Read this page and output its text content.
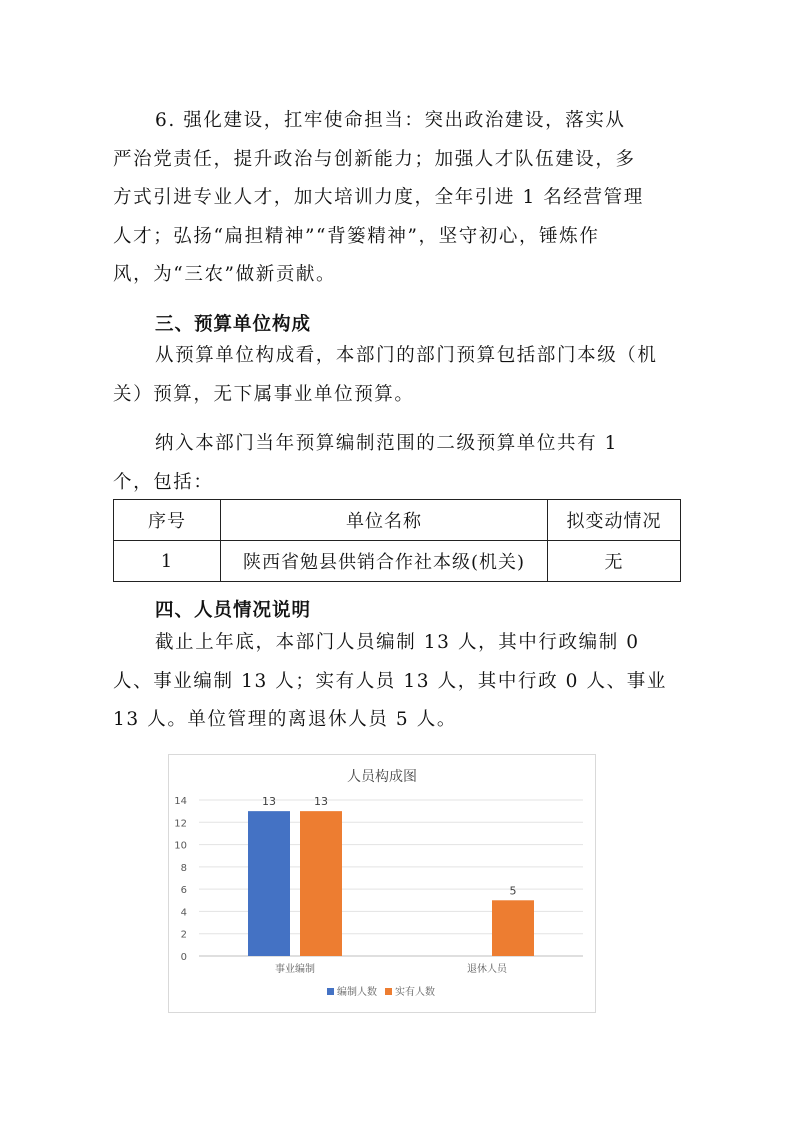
6. 强化建设，扛牢使命担当：突出政治建设，落实从
严治党责任，提升政治与创新能力；加强人才队伍建设，多
方式引进专业人才，加大培训力度，全年引进 1 名经营管理
人才；弘扬“扁担精神”“背篓精神”，坚守初心，锤炼作
风，为“三农”做新贡献。

三、预算单位构成

从预算单位构成看，本部门的部门预算包括部门本级（机
关）预算，无下属事业单位预算。

纳入本部门当年预算编制范围的二级预算单位共有 1
个，包括：

序号	单位名称	拟变动情况
1	陕西省勉县供销合作社本级(机关)	无
四、人员情况说明

截止上年底，本部门人员编制 13 人，其中行政编制 0
人、事业编制 13 人；实有人员 13 人，其中行政 0 人、事业
13 人。单位管理的离退休人员 5 人。

人员构成图
0
2
4
6
8
10
12
14	13	13
事业编制
5
退休人员
编制人数 实有人数
